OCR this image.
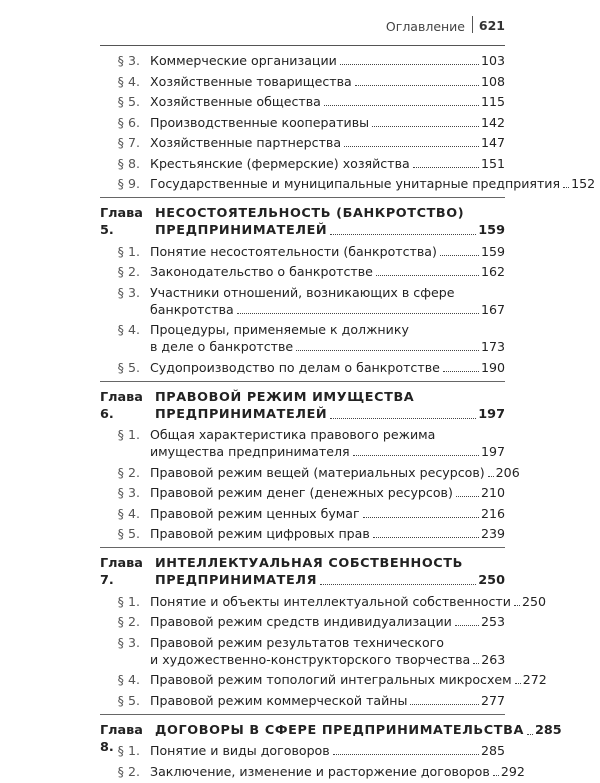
Оглавление 621
§ 3. Коммерческие организации	103
§ 4. Хозяйственные товарищества	108
§ 5. Хозяйственные общества	115
§ 6. Производственные кооперативы	142
§ 7. Хозяйственные партнерства	147
§ 8. Крестьянские (фермерские) хозяйства	151
§ 9. Государственные и муниципальные унитарные предприятия 152
Глава 5.
НЕСОСТОЯТЕЛЬНОСТЬ (БАНКРОТСТВО)
ПРЕДПРИНИМАТЕЛЕЙ	159
§ 1. Понятие несостоятельности (банкротства)	159
§ 2. Законодательство о банкротстве	162
§ 3. Участники отношений, возникающих в сфере
банкротства	167
§ 4. Процедуры, применяемые к должнику
в деле о банкротстве	173
§ 5. Судопроизводство по делам о банкротстве	190
Глава 6.
ПРАВОВОЙ РЕЖИМ ИМУЩЕСТВА
ПРЕДПРИНИМАТЕЛЕЙ	197
§ 1. Общая характеристика правового режима
имущества предпринимателя	197
§ 2. Правовой режим вещей (материальных ресурсов) 206
§ 3. Правовой режим денег (денежных ресурсов) 210
§ 4. Правовой режим ценных бумаг	216
§ 5. Правовой режим цифровых прав	239
Глава 7.
ИНТЕЛЛЕКТУАЛЬНАЯ СОБСТВЕННОСТЬ
ПРЕДПРИНИМАТЕЛЯ	250
§ 1. Понятие и объекты интеллектуальной собственности 250
§ 2. Правовой режим средств индивидуализации 253
§ 3. Правовой режим результатов технического
и художественно-конструкторского творчества 263
§ 4. Правовой режим топологий интегральных микросхем 272
§ 5. Правовой режим коммерческой тайны	277
Глава 8.
ДОГОВОРЫ В СФЕРЕ ПРЕДПРИНИМАТЕЛЬСТВА 285
§ 1. Понятие и виды договоров	285
§ 2. Заключение, изменение и расторжение договоров 292
